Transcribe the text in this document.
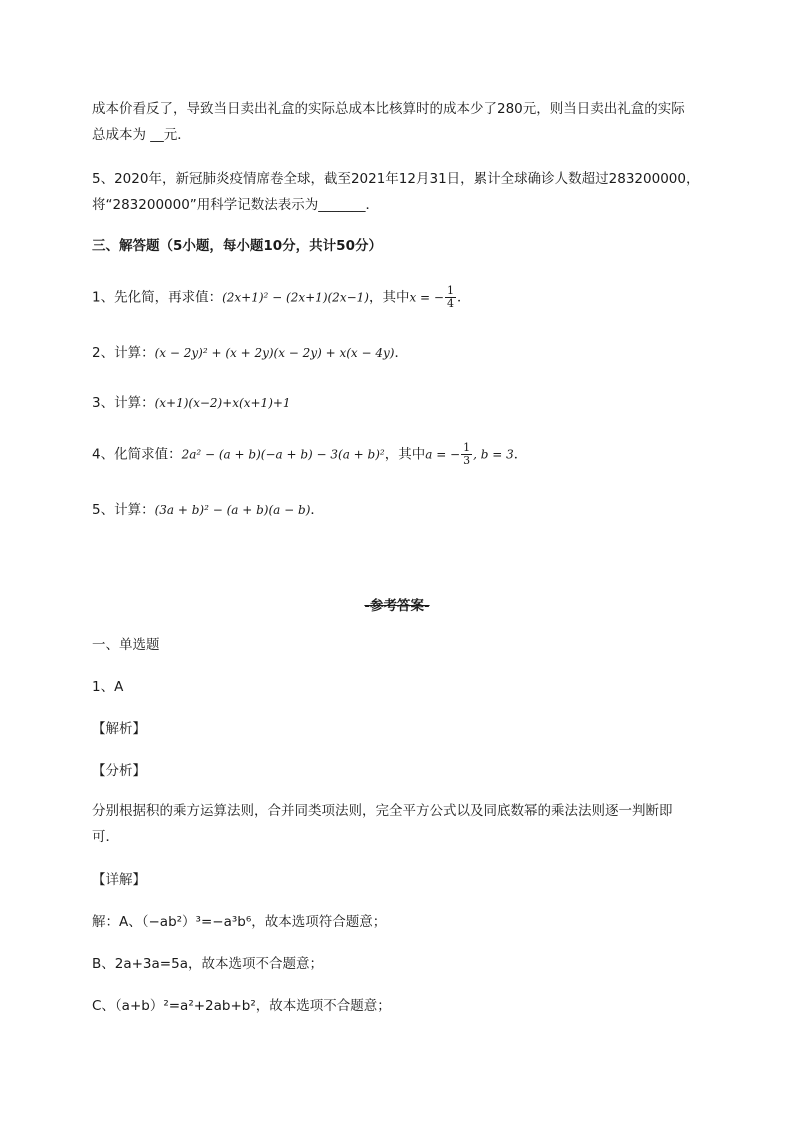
成本价看反了，导致当日卖出礼盒的实际总成本比核算时的成本少了280元，则当日卖出礼盒的实际
总成本为 __元．
5、2020年，新冠肺炎疫情席卷全球，截至2021年12月31日，累计全球确诊人数超过283200000，
将“283200000”用科学记数法表示为_______．
三、解答题（5小题，每小题10分，共计50分）
1、先化简，再求值：(2x+1)² − (2x+1)(2x−1)，其中x = − $\frac{1}{4}$ ．
2、计算：(x − 2y)² + (x + 2y)(x − 2y) + x(x − 4y)．
3、计算：(x+1)(x−2)+x(x+1)+1
4、化简求值：2a² − (a + b)(−a + b) − 3(a + b)²，其中a = − $\frac{1}{3}$ , b = 3．
5、计算：(3a + b)² − (a + b)(a − b)．
-参考答案-
一、单选题
1、A
【解析】
【分析】
分别根据积的乘方运算法则，合并同类项法则，完全平方公式以及同底数幂的乘法法则逐一判断即
可．
【详解】
解：A、（−ab²）³=−a³b⁶，故本选项符合题意；
B、2a+3a=5a，故本选项不合题意；
C、（a+b）²=a²+2ab+b²，故本选项不合题意；
